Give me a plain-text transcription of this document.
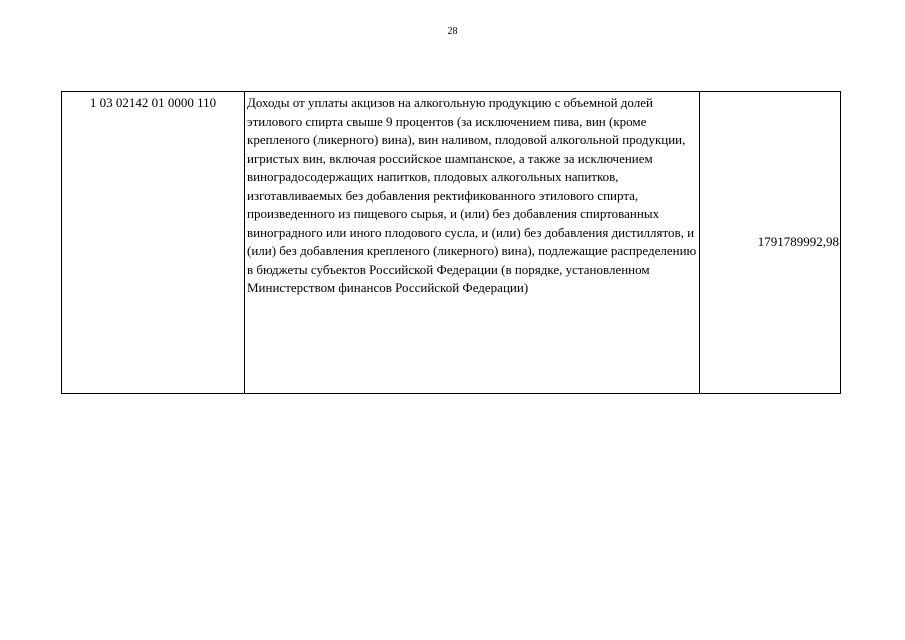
28
1 03 02142 01 0000 110	Доходы от уплаты акцизов на алкогольную продукцию с объемной долей этилового спирта свыше 9 процентов (за исключением пива, вин (кроме крепленого (ликерного) вина), вин наливом, плодовой алкогольной продукции, игристых вин, включая российское шампанское, а также за исключением виноградосодержащих напитков, плодовых алкогольных напитков, изготавливаемых без добавления ректификованного этилового спирта, произведенного из пищевого сырья, и (или) без добавления спиртованных виноградного или иного плодового сусла, и (или) без добавления дистиллятов, и (или) без добавления крепленого (ликерного) вина), подлежащие распределению в бюджеты субъектов Российской Федерации (в порядке, установленном Министерством финансов Российской Федерации)	1791789992,98
